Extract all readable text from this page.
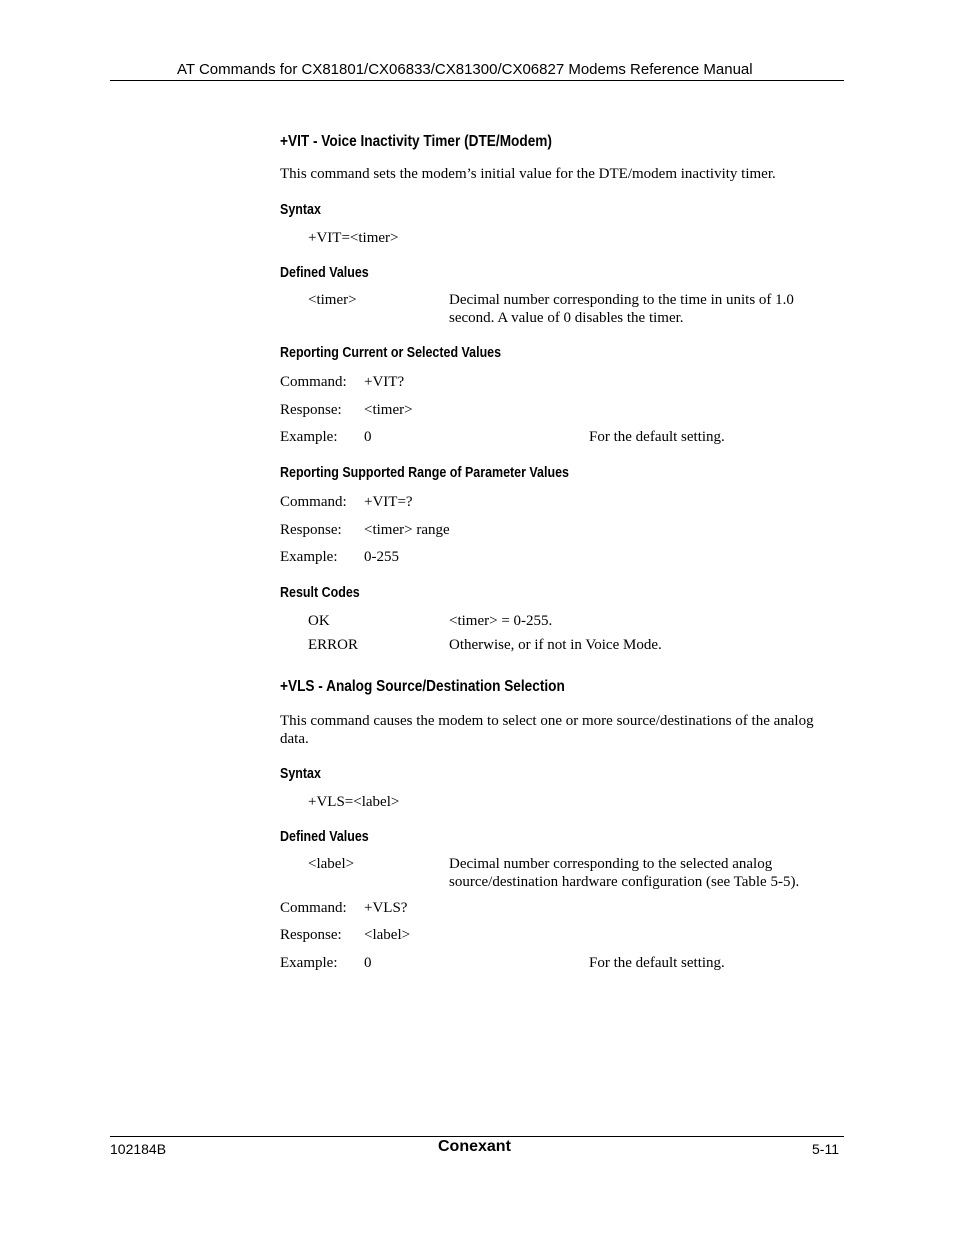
AT Commands for CX81801/CX06833/CX81300/CX06827 Modems Reference Manual
+VIT - Voice Inactivity Timer (DTE/Modem)
This command sets the modem’s initial value for the DTE/modem inactivity timer.
Syntax
+VIT=<timer>
Defined Values
<timer>	Decimal number corresponding to the time in units of 1.0
second. A value of 0 disables the timer.
Reporting Current or Selected Values
Command: +VIT?
Response: <timer>
Example: 0	For the default setting.
Reporting Supported Range of Parameter Values
Command: +VIT=?
Response: <timer> range
Example: 0-255
Result Codes
OK	<timer> = 0-255.
ERROR	Otherwise, or if not in Voice Mode.
+VLS - Analog Source/Destination Selection
This command causes the modem to select one or more source/destinations of the analog data.
Syntax
+VLS=<label>
Defined Values
<label>	Decimal number corresponding to the selected analog
source/destination hardware configuration (see Table 5-5).
Command: +VLS?
Response: <label>
Example: 0	For the default setting.
102184B	Conexant	5-11
